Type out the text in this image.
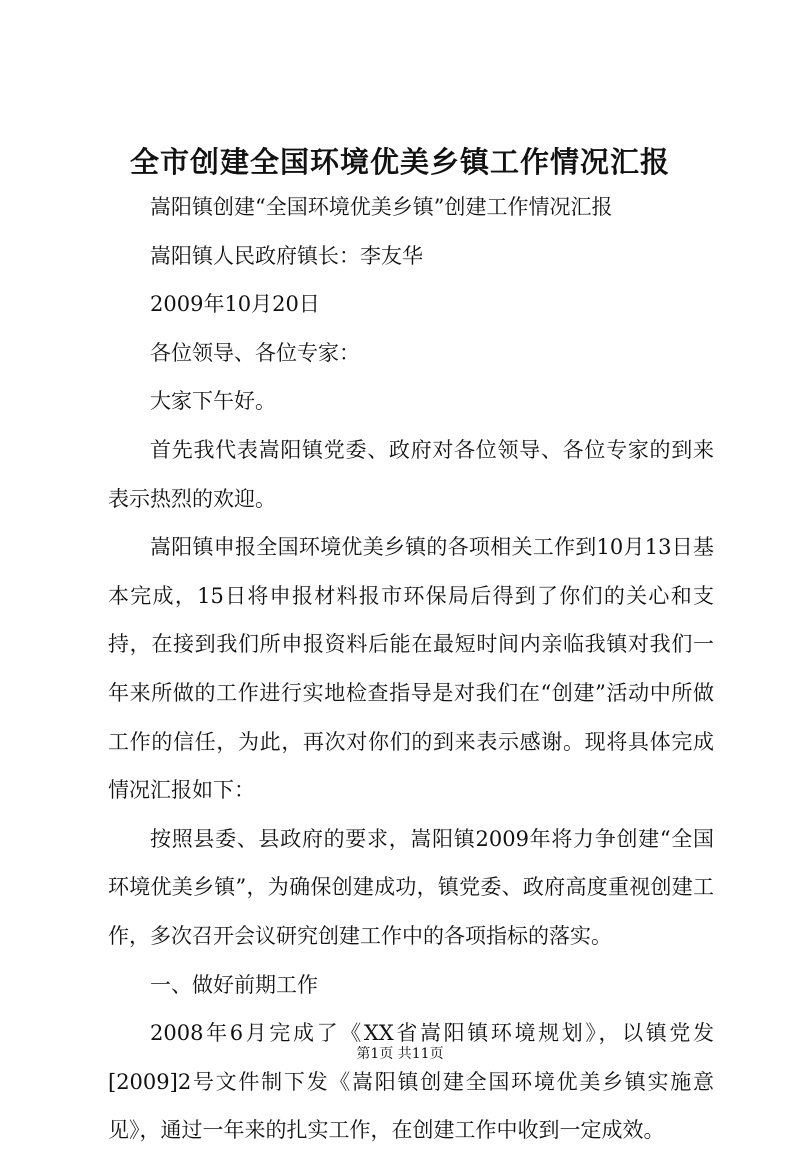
全市创建全国环境优美乡镇工作情况汇报

嵩阳镇创建“全国环境优美乡镇”创建工作情况汇报

嵩阳镇人民政府镇长：李友华

2009年10月20日

各位领导、各位专家：

大家下午好。

首先我代表嵩阳镇党委、政府对各位领导、各位专家的到来表示热烈的欢迎。

嵩阳镇申报全国环境优美乡镇的各项相关工作到10月13日基本完成，15日将申报材料报市环保局后得到了你们的关心和支持，在接到我们所申报资料后能在最短时间内亲临我镇对我们一年来所做的工作进行实地检查指导是对我们在“创建”活动中所做工作的信任，为此，再次对你们的到来表示感谢。现将具体完成情况汇报如下：

按照县委、县政府的要求，嵩阳镇2009年将力争创建“全国环境优美乡镇”，为确保创建成功，镇党委、政府高度重视创建工作，多次召开会议研究创建工作中的各项指标的落实。

一、做好前期工作

2008年6月完成了《XX省嵩阳镇环境规划》，以镇党发[2009]2号文件制下发《嵩阳镇创建全国环境优美乡镇实施意见》，通过一年来的扎实工作，在创建工作中收到一定成效。

第1页 共11页
